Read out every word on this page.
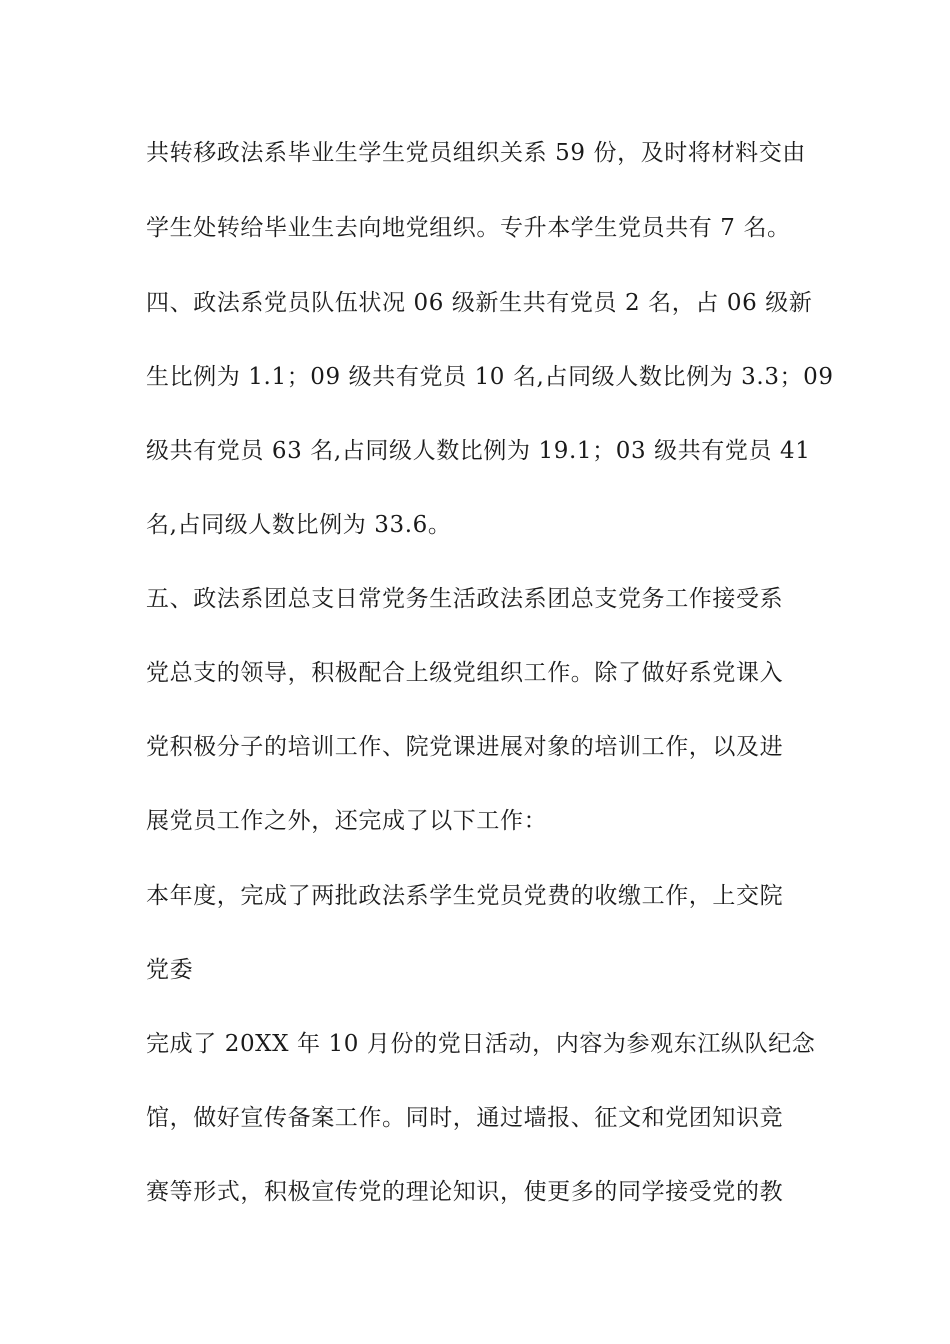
共转移政法系毕业生学生党员组织关系 59 份，及时将材料交由
学生处转给毕业生去向地党组织。专升本学生党员共有 7 名。
四、政法系党员队伍状况 06 级新生共有党员 2 名，占 06 级新
生比例为 1.1；09 级共有党员 10 名,占同级人数比例为 3.3；09
级共有党员 63 名,占同级人数比例为 19.1；03 级共有党员 41
名,占同级人数比例为 33.6。
五、政法系团总支日常党务生活政法系团总支党务工作接受系
党总支的领导，积极配合上级党组织工作。除了做好系党课入
党积极分子的培训工作、院党课进展对象的培训工作，以及进
展党员工作之外，还完成了以下工作：
本年度，完成了两批政法系学生党员党费的收缴工作，上交院
党委
完成了 20XX 年 10 月份的党日活动，内容为参观东江纵队纪念
馆，做好宣传备案工作。同时，通过墙报、征文和党团知识竞
赛等形式，积极宣传党的理论知识，使更多的同学接受党的教
